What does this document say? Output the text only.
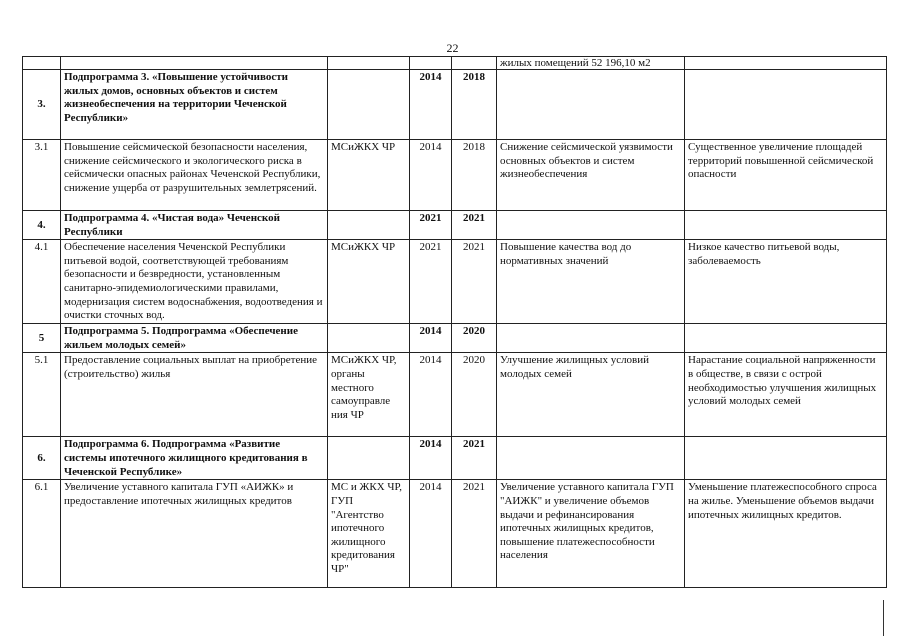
22
					жилых помещений 52 196,10 м2	
3.	Подпрограмма 3. «Повышение устойчивости жилых домов, основных объектов и систем жизнеобеспечения на территории Чеченской Республики»		2014	2018		
3.1	Повышение сейсмической безопасности населения, снижение сейсмического и экологического риска в сейсмически опасных районах Чеченской Республики, снижение ущерба от разрушительных землетрясений.	МСиЖКХ ЧР	2014	2018	Снижение сейсмической уязвимости основных объектов и систем жизнеобеспечения	Существенное увеличение площадей территорий повышенной сейсмической опасности
4.	Подпрограмма 4. «Чистая вода» Чеченской Республики		2021	2021		
4.1	Обеспечение населения Чеченской Республики питьевой водой, соответствующей требованиям безопасности и безвредности, установленным санитарно-эпидемиологическими правилами, модернизация систем водоснабжения, водоотведения и очистки сточных вод.	МСиЖКХ ЧР	2021	2021	Повышение качества вод до нормативных значений	Низкое качество питьевой воды, заболеваемость
5	Подпрограмма 5. Подпрограмма «Обеспечение жильем молодых семей»		2014	2020		
5.1	Предоставление социальных выплат на приобретение (строительство) жилья	МСиЖКХ ЧР, органы местного самоуправле ния ЧР	2014	2020	Улучшение жилищных условий молодых семей	Нарастание социальной напряженности в обществе, в связи с острой необходимостью улучшения жилищных условий молодых семей
6.	Подпрограмма 6. Подпрограмма «Развитие системы ипотечного жилищного кредитования в Чеченской Республике»		2014	2021		
6.1	Увеличение уставного капитала ГУП «АИЖК» и предоставление ипотечных жилищных кредитов	МС и ЖКХ ЧР, ГУП "Агентство ипотечного жилищного кредитования ЧР"	2014	2021	Увеличение уставного капитала ГУП "АИЖК" и увеличение объемов выдачи и рефинансирования ипотечных жилищных кредитов, повышение платежеспособности населения	Уменьшение платежеспособного спроса на жилье. Уменьшение объемов выдачи ипотечных жилищных кредитов.
